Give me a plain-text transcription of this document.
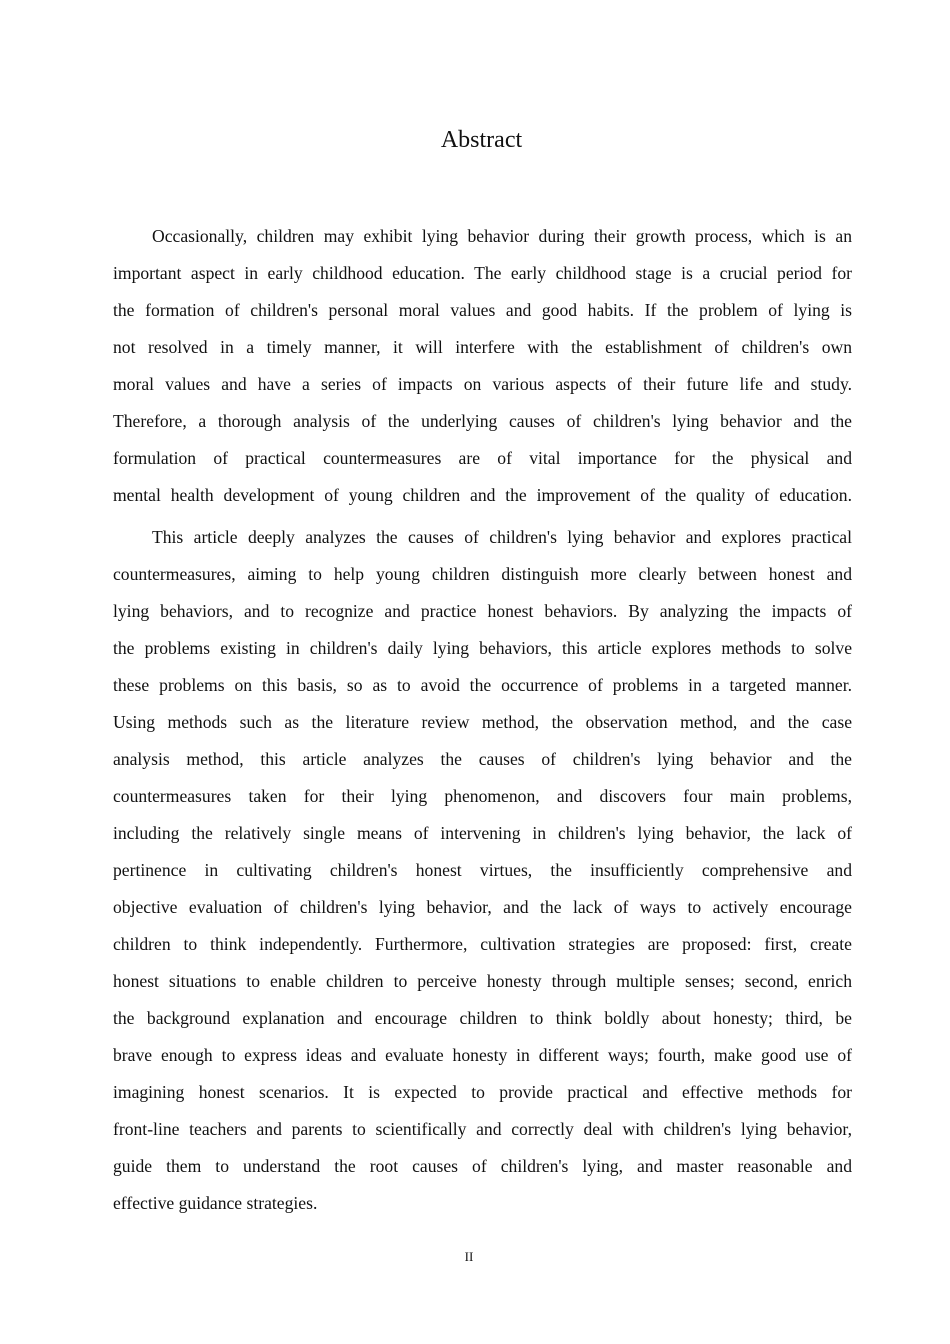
Abstract
Occasionally, children may exhibit lying behavior during their growth process, which is an
important aspect in early childhood education. The early childhood stage is a crucial period for
the formation of children's personal moral values and good habits. If the problem of lying is
not resolved in a timely manner, it will interfere with the establishment of children's own
moral values and have a series of impacts on various aspects of their future life and study.
Therefore, a thorough analysis of the underlying causes of children's lying behavior and the
formulation of practical countermeasures are of vital importance for the physical and
mental health development of young children and the improvement of the quality of education.
This article deeply analyzes the causes of children's lying behavior and explores practical
countermeasures, aiming to help young children distinguish more clearly between honest and
lying behaviors, and to recognize and practice honest behaviors. By analyzing the impacts of
the problems existing in children's daily lying behaviors, this article explores methods to solve
these problems on this basis, so as to avoid the occurrence of problems in a targeted manner.
Using methods such as the literature review method, the observation method, and the case
analysis method, this article analyzes the causes of children's lying behavior and the
countermeasures taken for their lying phenomenon, and discovers four main problems,
including the relatively single means of intervening in children's lying behavior, the lack of
pertinence in cultivating children's honest virtues, the insufficiently comprehensive and
objective evaluation of children's lying behavior, and the lack of ways to actively encourage
children to think independently. Furthermore, cultivation strategies are proposed: first, create
honest situations to enable children to perceive honesty through multiple senses; second, enrich
the background explanation and encourage children to think boldly about honesty; third, be
brave enough to express ideas and evaluate honesty in different ways; fourth, make good use of
imagining honest scenarios. It is expected to provide practical and effective methods for
front-line teachers and parents to scientifically and correctly deal with children's lying behavior,
guide them to understand the root causes of children's lying, and master reasonable and
effective guidance strategies.
II
